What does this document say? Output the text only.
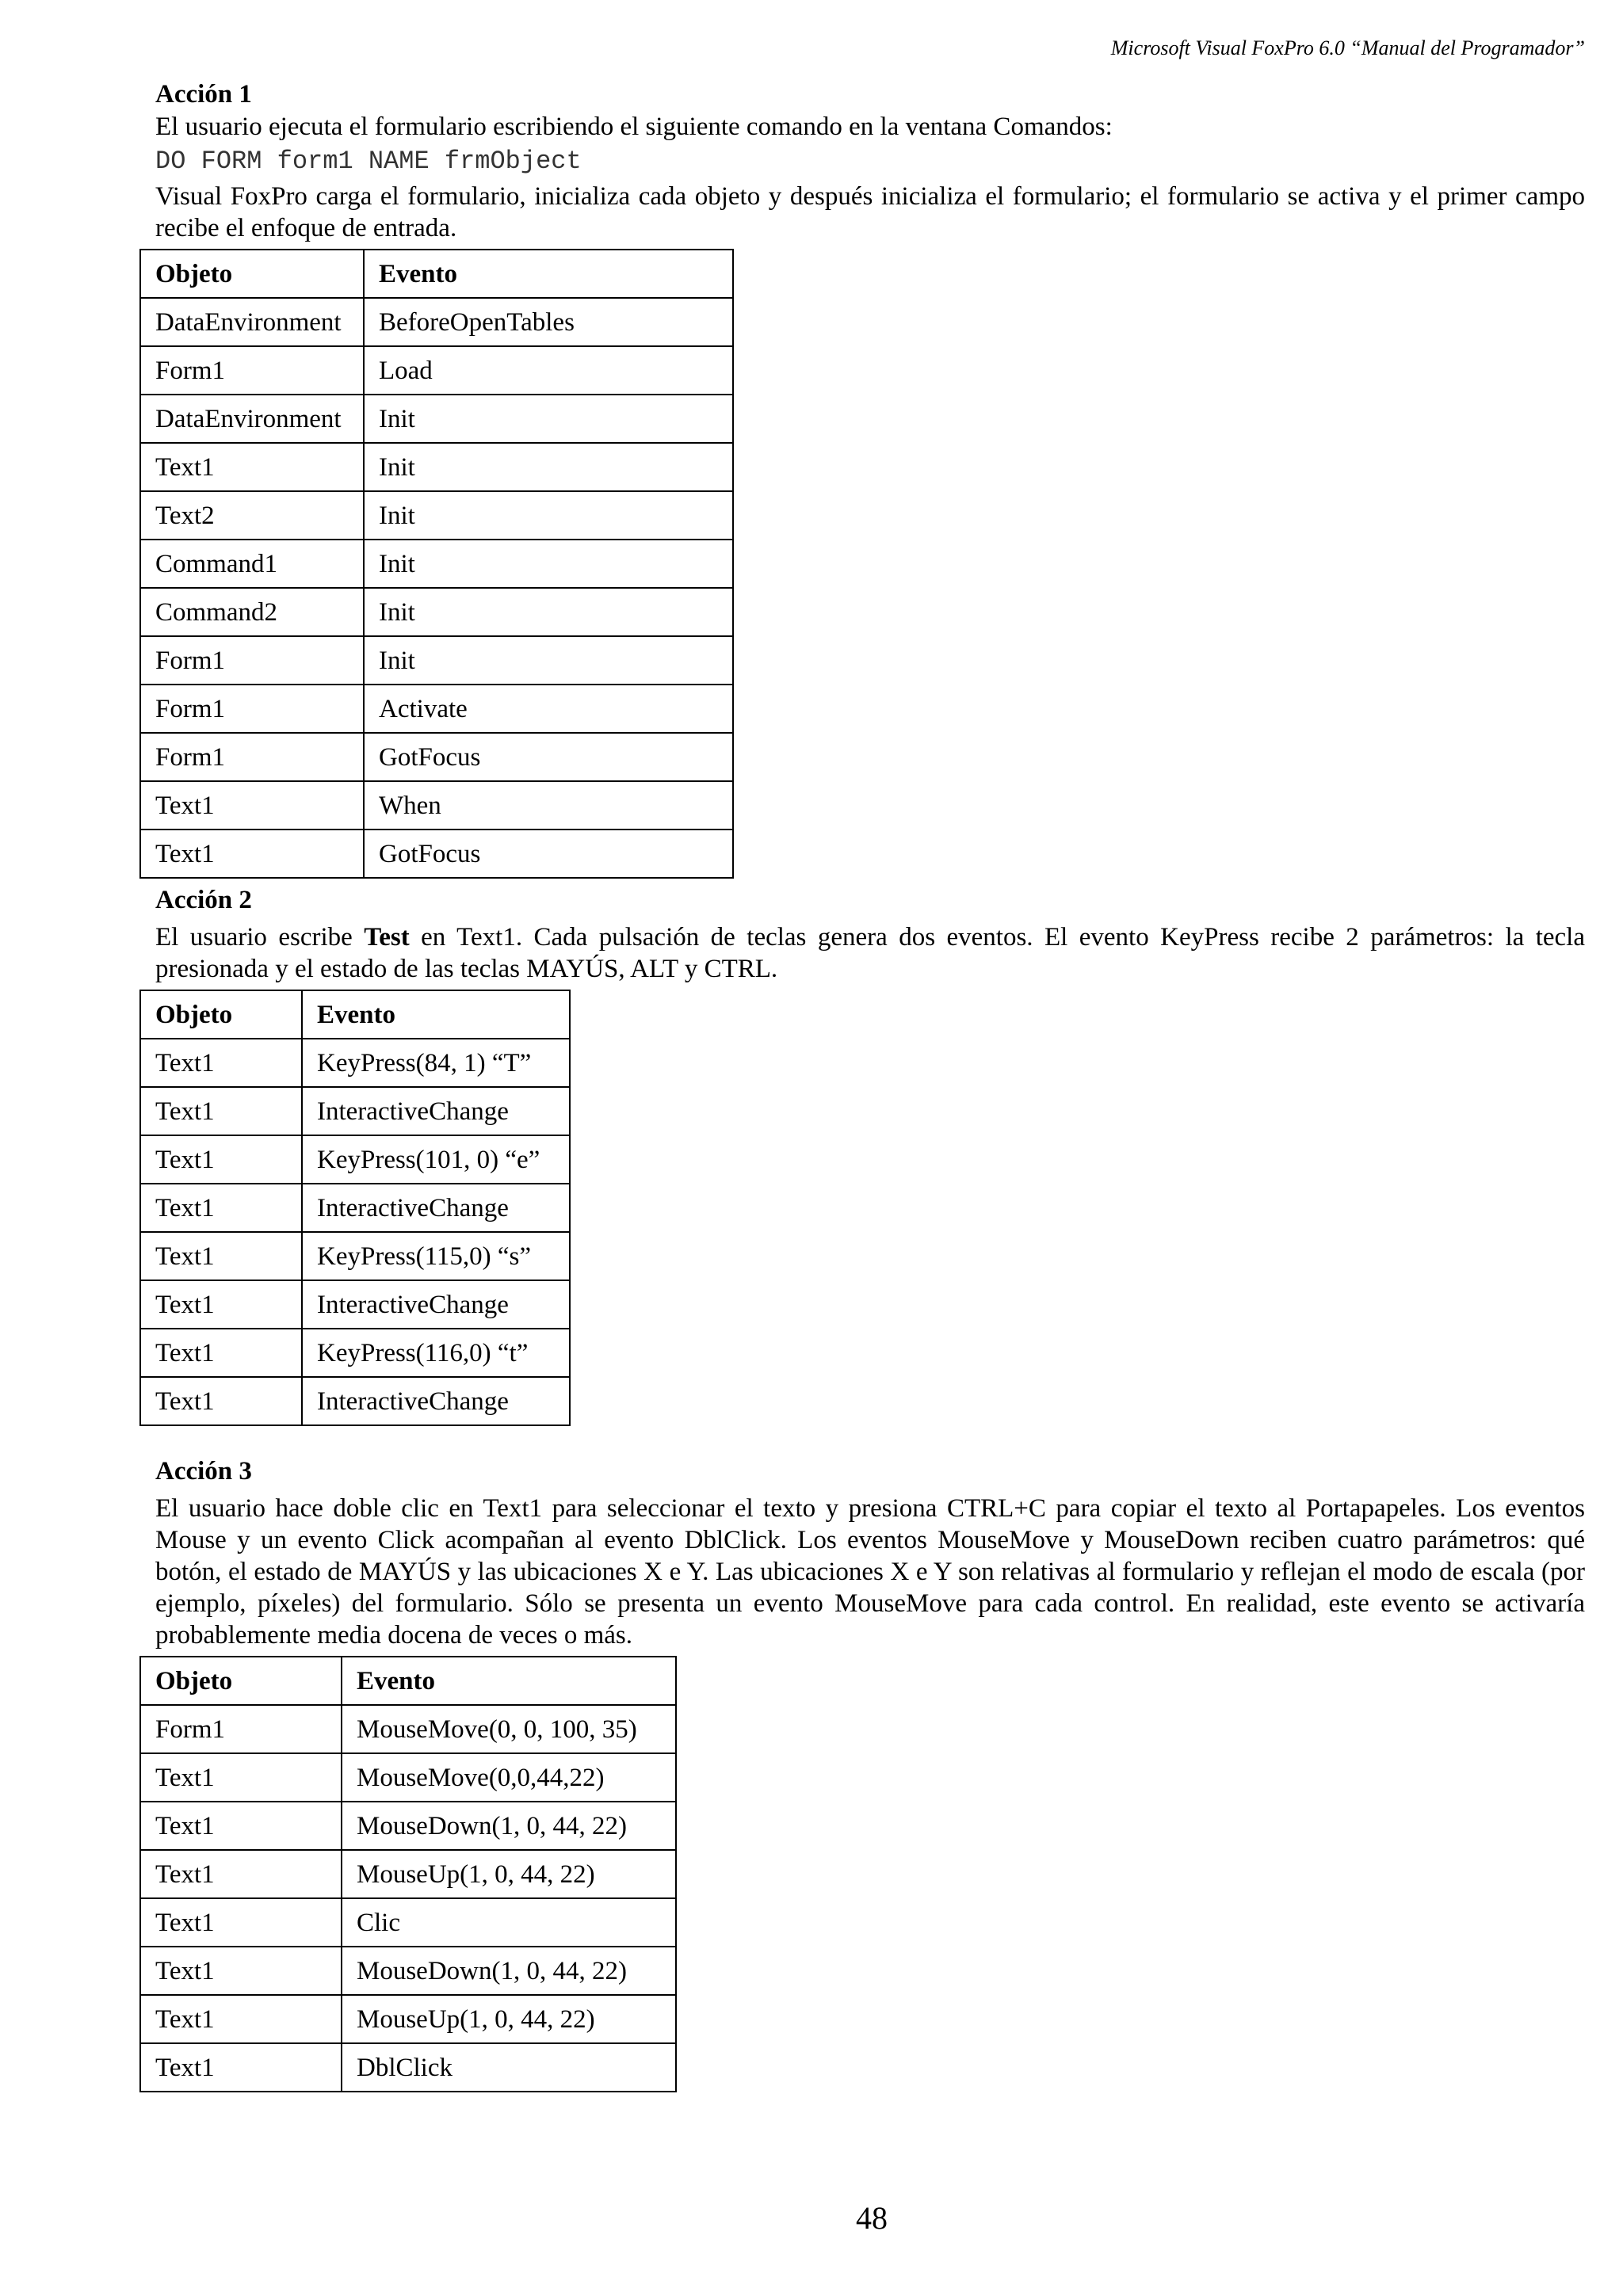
Microsoft Visual FoxPro 6.0 “Manual del Programador”
Acción 1

El usuario ejecuta el formulario escribiendo el siguiente comando en la ventana Comandos:

DO FORM form1 NAME frmObject

Visual FoxPro carga el formulario, inicializa cada objeto y después inicializa el formulario; el formulario se activa y el primer campo recibe el enfoque de entrada.

Objeto	Evento
DataEnvironment	BeforeOpenTables
Form1	Load
DataEnvironment	Init
Text1	Init
Text2	Init
Command1	Init
Command2	Init
Form1	Init
Form1	Activate
Form1	GotFocus
Text1	When
Text1	GotFocus
Acción 2

El usuario escribe Test en Text1. Cada pulsación de teclas genera dos eventos. El evento KeyPress recibe 2 parámetros: la tecla presionada y el estado de las teclas MAYÚS, ALT y CTRL.

Objeto	Evento
Text1	KeyPress(84, 1) “T”
Text1	InteractiveChange
Text1	KeyPress(101, 0) “e”
Text1	InteractiveChange
Text1	KeyPress(115,0) “s”
Text1	InteractiveChange
Text1	KeyPress(116,0) “t”
Text1	InteractiveChange
Acción 3

El usuario hace doble clic en Text1 para seleccionar el texto y presiona CTRL+C para copiar el texto al Portapapeles. Los eventos Mouse y un evento Click acompañan al evento DblClick. Los eventos MouseMove y MouseDown reciben cuatro parámetros: qué botón, el estado de MAYÚS y las ubicaciones X e Y. Las ubicaciones X e Y son relativas al formulario y reflejan el modo de escala (por ejemplo, píxeles) del formulario. Sólo se presenta un evento MouseMove para cada control. En realidad, este evento se activaría probablemente media docena de veces o más.

Objeto	Evento
Form1	MouseMove(0, 0, 100, 35)
Text1	MouseMove(0,0,44,22)
Text1	MouseDown(1, 0, 44, 22)
Text1	MouseUp(1, 0, 44, 22)
Text1	Clic
Text1	MouseDown(1, 0, 44, 22)
Text1	MouseUp(1, 0, 44, 22)
Text1	DblClick
48
